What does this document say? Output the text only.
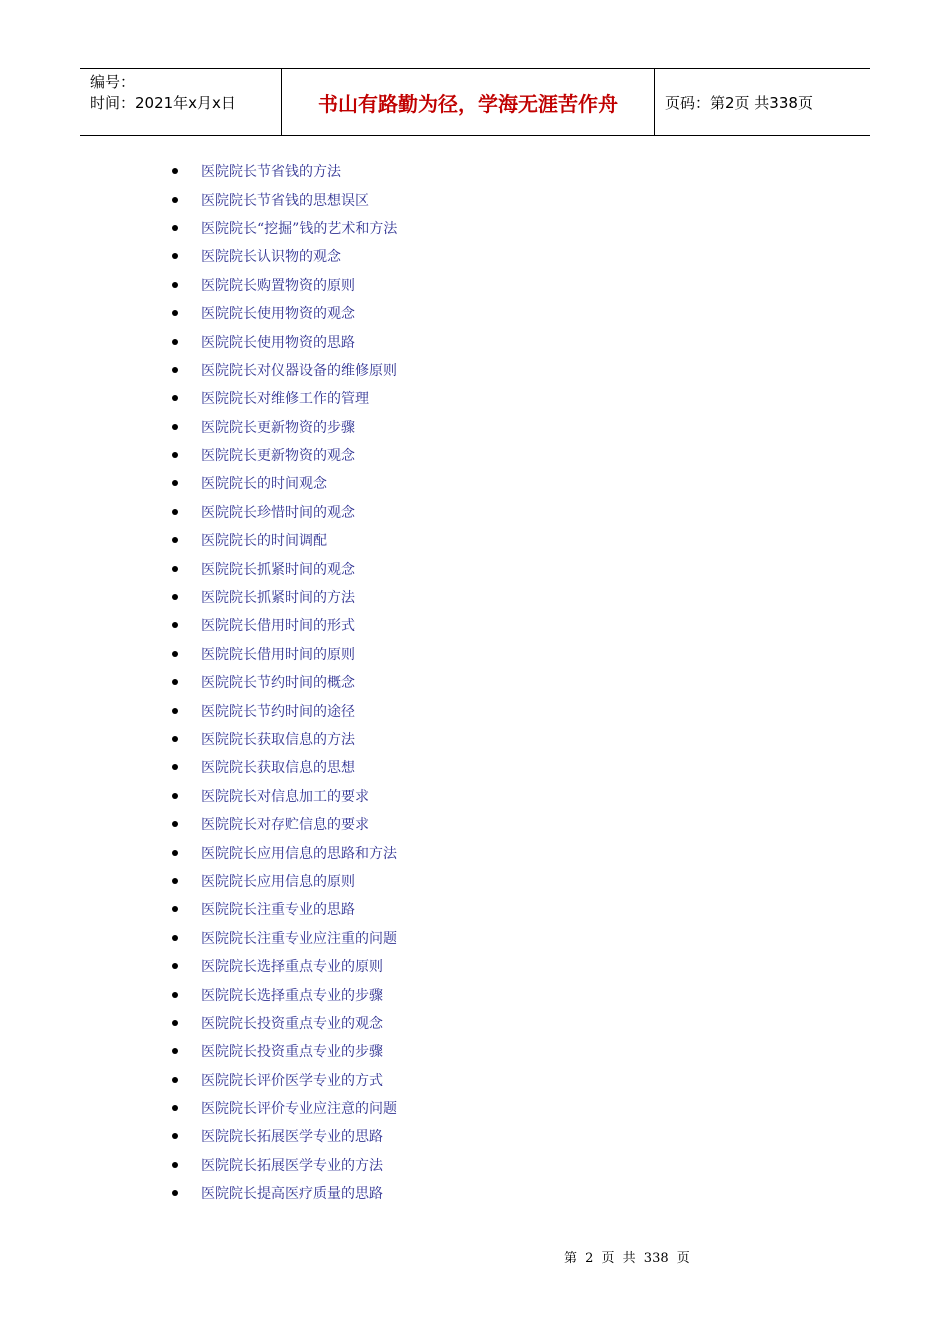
编号：
时间：2021年x月x日	书山有路勤为径，学海无涯苦作舟	页码：第2页 共338页
医院院长节省钱的方法
医院院长节省钱的思想误区
医院院长“挖掘”钱的艺术和方法
医院院长认识物的观念
医院院长购置物资的原则
医院院长使用物资的观念
医院院长使用物资的思路
医院院长对仪器设备的维修原则
医院院长对维修工作的管理
医院院长更新物资的步骤
医院院长更新物资的观念
医院院长的时间观念
医院院长珍惜时间的观念
医院院长的时间调配
医院院长抓紧时间的观念
医院院长抓紧时间的方法
医院院长借用时间的形式
医院院长借用时间的原则
医院院长节约时间的概念
医院院长节约时间的途径
医院院长获取信息的方法
医院院长获取信息的思想
医院院长对信息加工的要求
医院院长对存贮信息的要求
医院院长应用信息的思路和方法
医院院长应用信息的原则
医院院长注重专业的思路
医院院长注重专业应注重的问题
医院院长选择重点专业的原则
医院院长选择重点专业的步骤
医院院长投资重点专业的观念
医院院长投资重点专业的步骤
医院院长评价医学专业的方式
医院院长评价专业应注意的问题
医院院长拓展医学专业的思路
医院院长拓展医学专业的方法
医院院长提高医疗质量的思路
第 2 页 共 338 页
